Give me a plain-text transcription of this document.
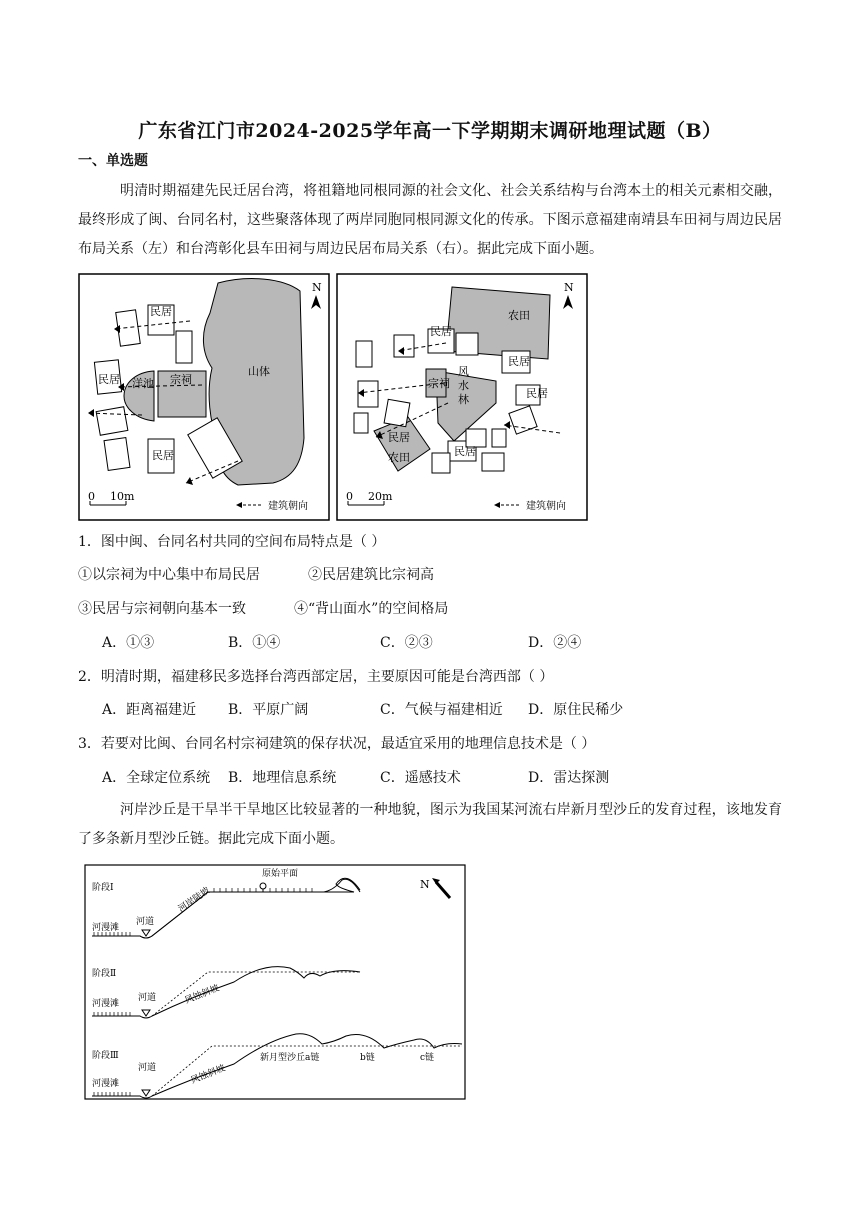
广东省江门市2024-2025学年高一下学期期末调研地理试题（B）
一、单选题
明清时期福建先民迁居台湾，将祖籍地同根同源的社会文化、社会关系结构与台湾本土的相关元素相交融，最终形成了闽、台同名村，这些聚落体现了两岸同胞同根同源文化的传承。下图示意福建南靖县车田祠与周边民居布局关系（左）和台湾彰化县车田祠与周边民居布局关系（右）。据此完成下面小题。
民居
民居 洋池 宗祠
山体
民居
N
0 10m
建筑朝向
农田
民居
民居
民居
宗祠
风
水
林
民居
农田	民居
N
0 20m
建筑朝向
1．图中闽、台同名村共同的空间布局特点是（ ）
①以宗祠为中心集中布局民居	②民居建筑比宗祠高
③民居与宗祠朝向基本一致	④“背山面水”的空间格局
A．①③	B．①④	C．②③	D．②④
2．明清时期，福建移民多选择台湾西部定居，主要原因可能是台湾西部（ ）
A．距离福建近 B．平原广阔	C．气候与福建相近 D．原住民稀少
3．若要对比闽、台同名村宗祠建筑的保存状况，最适宜采用的地理信息技术是（ ）
A．全球定位系统 B．地理信息系统	C．遥感技术	D．雷达探测
河岸沙丘是干旱半干旱地区比较显著的一种地貌，图示为我国某河流右岸新月型沙丘的发育过程，该地发育了多条新月型沙丘链。据此完成下面小题。
阶段Ⅰ
河漫滩
河道
河岸陡坡
原始平面
N
阶段Ⅱ
河漫滩
河道	风蚀斜坡
阶段Ⅲ
河漫滩
河道	风蚀斜坡
新月型沙丘a链	b链	c链
